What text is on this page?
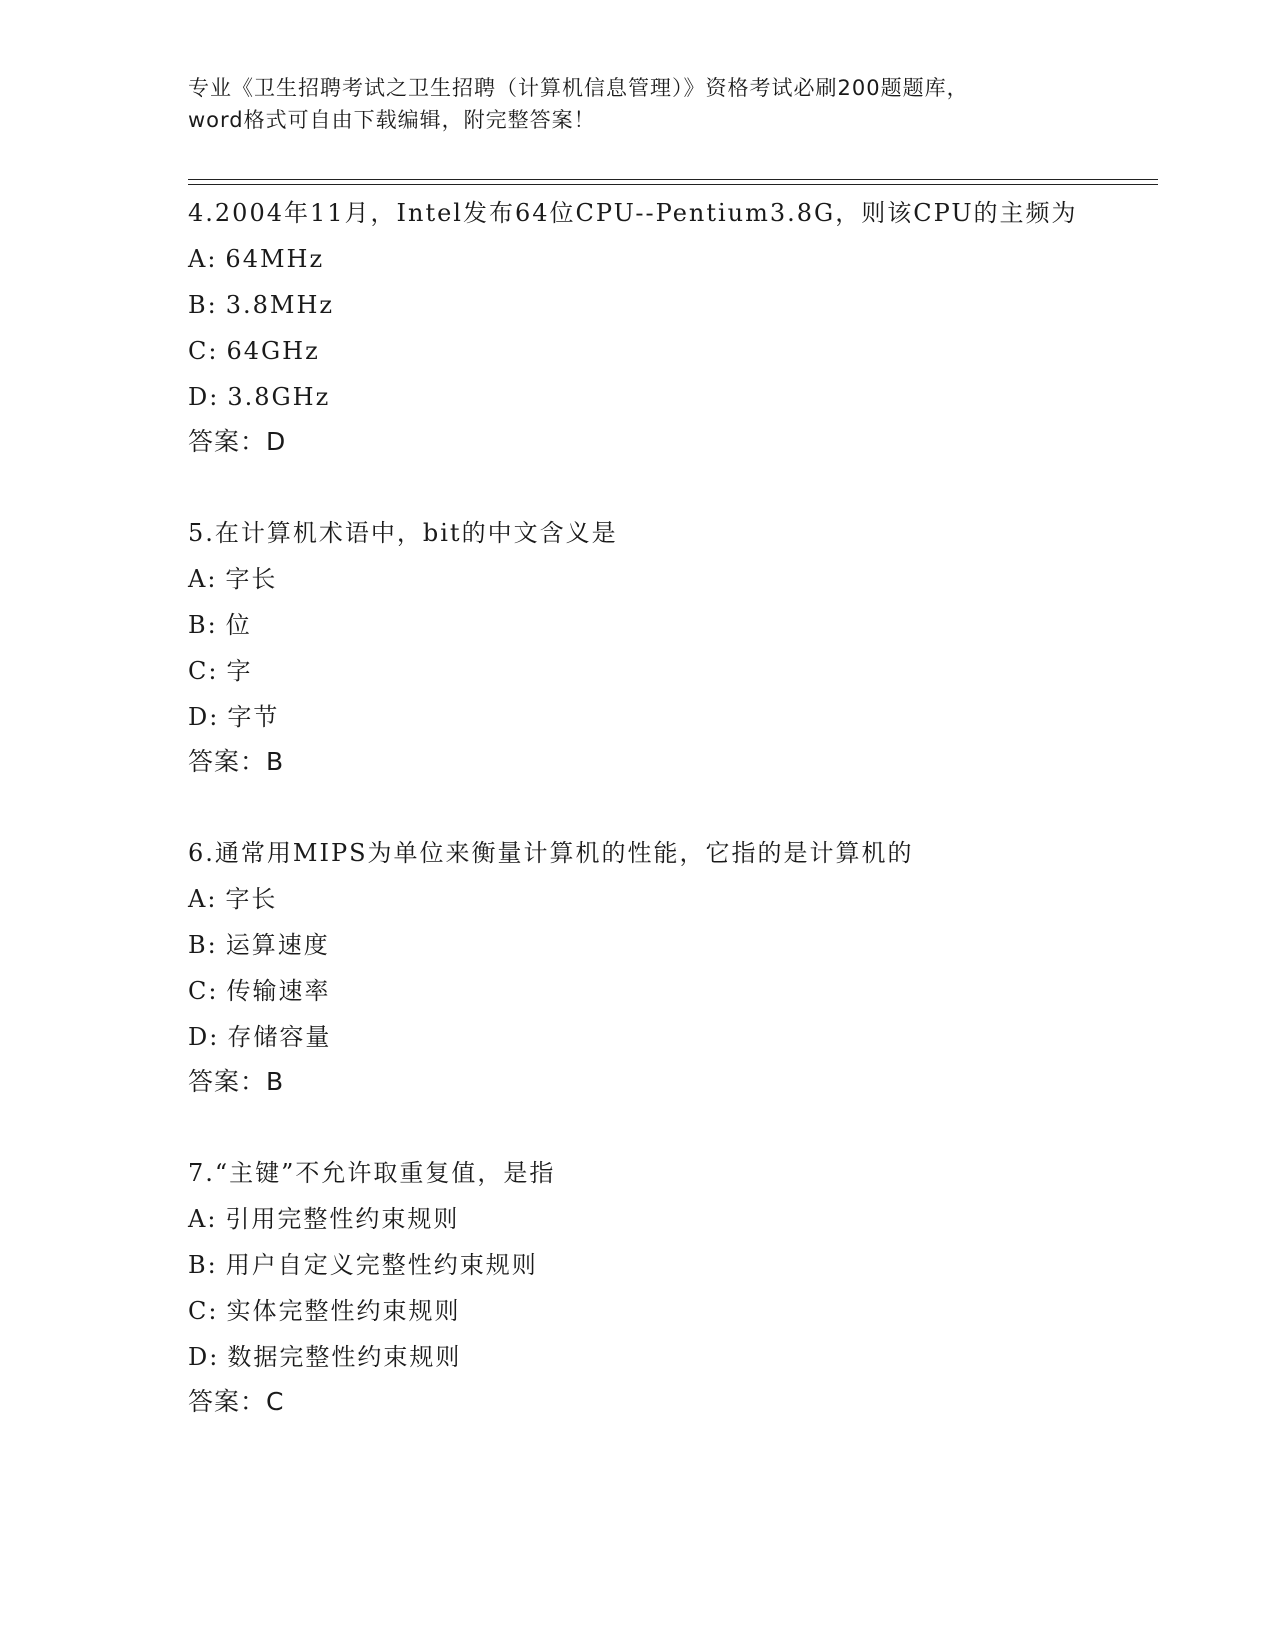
专业《卫生招聘考试之卫生招聘（计算机信息管理）》资格考试必刷200题题库，
word格式可自由下载编辑，附完整答案！

4.2004年11月，Intel发布64位CPU--Pentium3.8G，则该CPU的主频为

A: 64MHz
B: 3.8MHz
C: 64GHz
D: 3.8GHz
答案：D

5.在计算机术语中，bit的中文含义是

A: 字长
B: 位
C: 字
D: 字节
答案：B

6.通常用MIPS为单位来衡量计算机的性能，它指的是计算机的

A: 字长
B: 运算速度
C: 传输速率
D: 存储容量
答案：B

7.“主键”不允许取重复值，是指

A: 引用完整性约束规则
B: 用户自定义完整性约束规则
C: 实体完整性约束规则
D: 数据完整性约束规则
答案：C
